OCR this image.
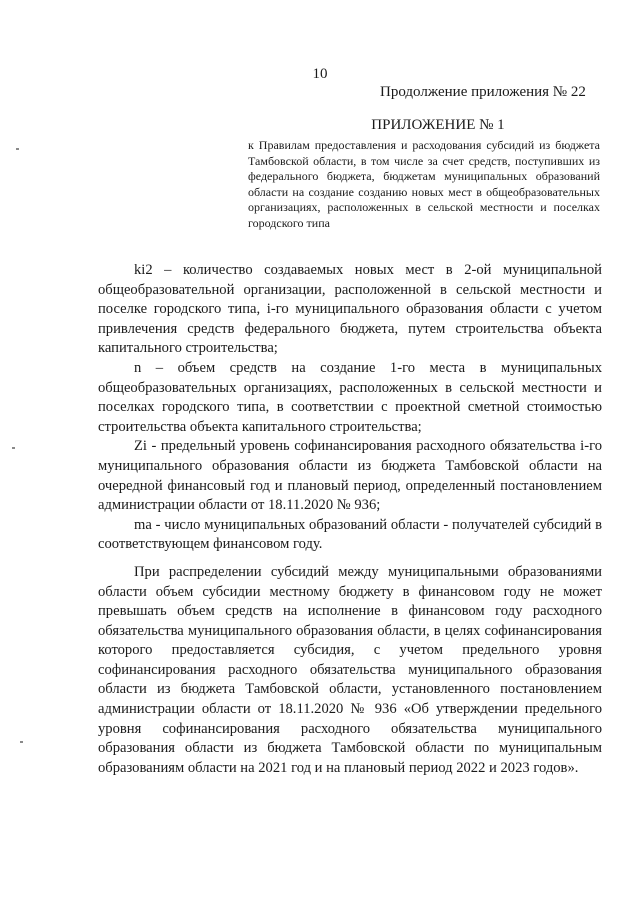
10
Продолжение приложения № 22
ПРИЛОЖЕНИЕ № 1
к Правилам предоставления и расходования субсидий из бюджета Тамбовской области, в том числе за счет средств, поступивших из федерального бюджета, бюджетам муниципальных образований области на создание созданию новых мест в общеобразовательных организациях, расположенных в сельской местности и поселках городского типа

ki2 – количество создаваемых новых мест в 2-ой муниципальной общеобразовательной организации, расположенной в сельской местности и поселке городского типа, i-го муниципального образования области с учетом привлечения средств федерального бюджета, путем строительства объекта капитального строительства;

n – объем средств на создание 1-го места в муниципальных общеобразовательных организациях, расположенных в сельской местности и поселках городского типа, в соответствии с проектной сметной стоимостью строительства объекта капитального строительства;

Zi - предельный уровень софинансирования расходного обязательства i-го муниципального образования области из бюджета Тамбовской области на очередной финансовый год и плановый период, определенный постановлением администрации области от 18.11.2020 № 936;

ma - число муниципальных образований области - получателей субсидий в соответствующем финансовом году.

При распределении субсидий между муниципальными образованиями области объем субсидии местному бюджету в финансовом году не может превышать объем средств на исполнение в финансовом году расходного обязательства муниципального образования области, в целях софинансирования которого предоставляется субсидия, с учетом предельного уровня софинансирования расходного обязательства муниципального образования области из бюджета Тамбовской области, установленного постановлением администрации области от 18.11.2020 № 936 «Об утверждении предельного уровня софинансирования расходного обязательства муниципального образования области из бюджета Тамбовской области по муниципальным образованиям области на 2021 год и на плановый период 2022 и 2023 годов».
